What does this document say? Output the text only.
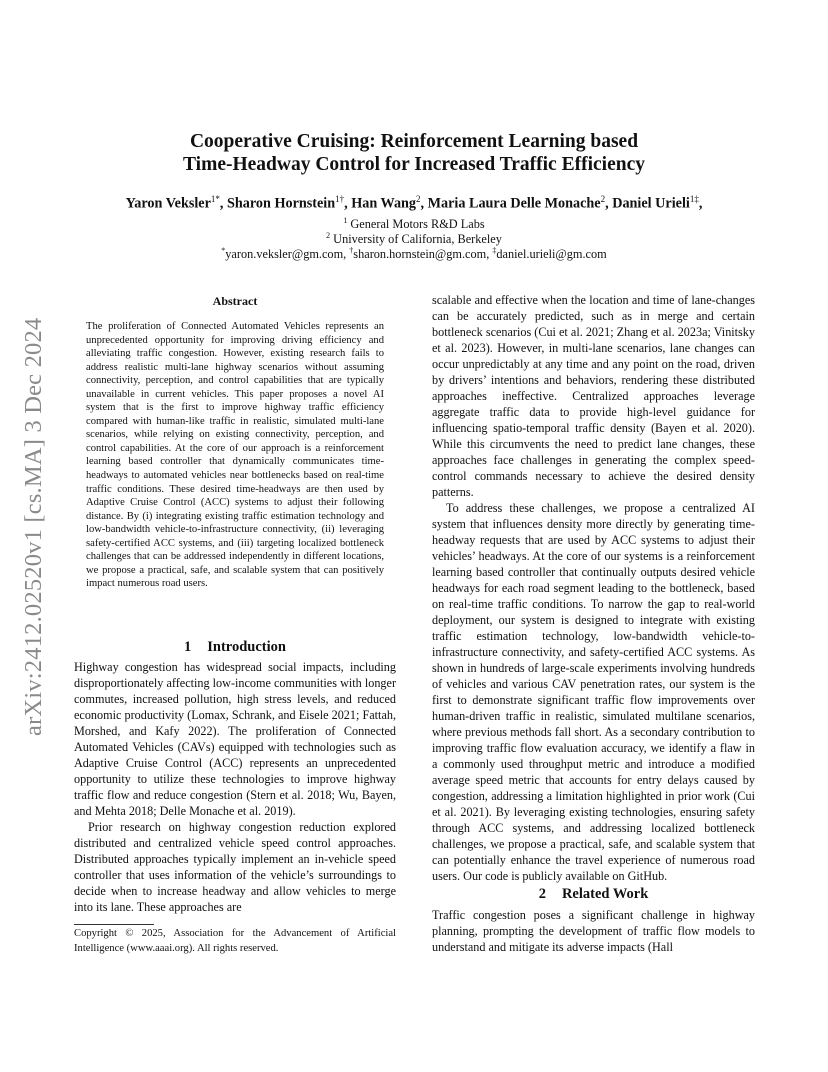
arXiv:2412.02520v1 [cs.MA] 3 Dec 2024
Cooperative Cruising: Reinforcement Learning based
Time-Headway Control for Increased Traffic Efficiency
Yaron Veksler$^{1*}$, Sharon Hornstein$^{1\dagger}$, Han Wang$^2$, Maria Laura Delle Monache$^2$, Daniel Urieli$^{1\ddagger}$,
$^1$ General Motors R&D Labs
$^2$ University of California, Berkeley
*yaron.veksler@gm.com, †sharon.hornstein@gm.com, ‡daniel.urieli@gm.com
Abstract
The proliferation of Connected Automated Vehicles represents an unprecedented opportunity for improving driving efficiency and alleviating traffic congestion. However, existing research fails to address realistic multi-lane highway scenarios without assuming connectivity, perception, and control capabilities that are typically unavailable in current vehicles. This paper proposes a novel AI system that is the first to improve highway traffic efficiency compared with human-like traffic in realistic, simulated multi-lane scenarios, while relying on existing connectivity, perception, and control capabilities. At the core of our approach is a reinforcement learning based controller that dynamically communicates time-headways to automated vehicles near bottlenecks based on real-time traffic conditions. These desired time-headways are then used by Adaptive Cruise Control (ACC) systems to adjust their following distance. By (i) integrating existing traffic estimation technology and low-bandwidth vehicle-to-infrastructure connectivity, (ii) leveraging safety-certified ACC systems, and (iii) targeting localized bottleneck challenges that can be addressed independently in different locations, we propose a practical, safe, and scalable system that can positively impact numerous road users.
1 Introduction

Highway congestion has widespread social impacts, including disproportionately affecting low-income communities with longer commutes, increased pollution, high stress levels, and reduced economic productivity (Lomax, Schrank, and Eisele 2021; Fattah, Morshed, and Kafy 2022). The proliferation of Connected Automated Vehicles (CAVs) equipped with technologies such as Adaptive Cruise Control (ACC) represents an unprecedented opportunity to utilize these technologies to improve highway traffic flow and reduce congestion (Stern et al. 2018; Wu, Bayen, and Mehta 2018; Delle Monache et al. 2019).

Prior research on highway congestion reduction explored distributed and centralized vehicle speed control approaches. Distributed approaches typically implement an in-vehicle speed controller that uses information of the vehicle’s surroundings to decide when to increase headway and allow vehicles to merge into its lane. These approaches are

Copyright © 2025, Association for the Advancement of Artificial Intelligence (www.aaai.org). All rights reserved.

scalable and effective when the location and time of lane-changes can be accurately predicted, such as in merge and certain bottleneck scenarios (Cui et al. 2021; Zhang et al. 2023a; Vinitsky et al. 2023). However, in multi-lane scenarios, lane changes can occur unpredictably at any time and any point on the road, driven by drivers’ intentions and behaviors, rendering these distributed approaches ineffective. Centralized approaches leverage aggregate traffic data to provide high-level guidance for influencing spatio-temporal traffic density (Bayen et al. 2020). While this circumvents the need to predict lane changes, these approaches face challenges in generating the complex speed-control commands necessary to achieve the desired density patterns.

To address these challenges, we propose a centralized AI system that influences density more directly by generating time-headway requests that are used by ACC systems to adjust their vehicles’ headways. At the core of our systems is a reinforcement learning based controller that continually outputs desired vehicle headways for each road segment leading to the bottleneck, based on real-time traffic conditions. To narrow the gap to real-world deployment, our system is designed to integrate with existing traffic estimation technology, low-bandwidth vehicle-to-infrastructure connectivity, and safety-certified ACC systems. As shown in hundreds of large-scale experiments involving hundreds of vehicles and various CAV penetration rates, our system is the first to demonstrate significant traffic flow improvements over human-driven traffic in realistic, simulated multilane scenarios, where previous methods fall short. As a secondary contribution to improving traffic flow evaluation accuracy, we identify a flaw in a commonly used throughput metric and introduce a modified average speed metric that accounts for entry delays caused by congestion, addressing a limitation highlighted in prior work (Cui et al. 2021). By leveraging existing technologies, ensuring safety through ACC systems, and addressing localized bottleneck challenges, we propose a practical, safe, and scalable system that can potentially enhance the travel experience of numerous road users. Our code is publicly available on GitHub.

2 Related Work

Traffic congestion poses a significant challenge in highway planning, prompting the development of traffic flow models to understand and mitigate its adverse impacts (Hall
